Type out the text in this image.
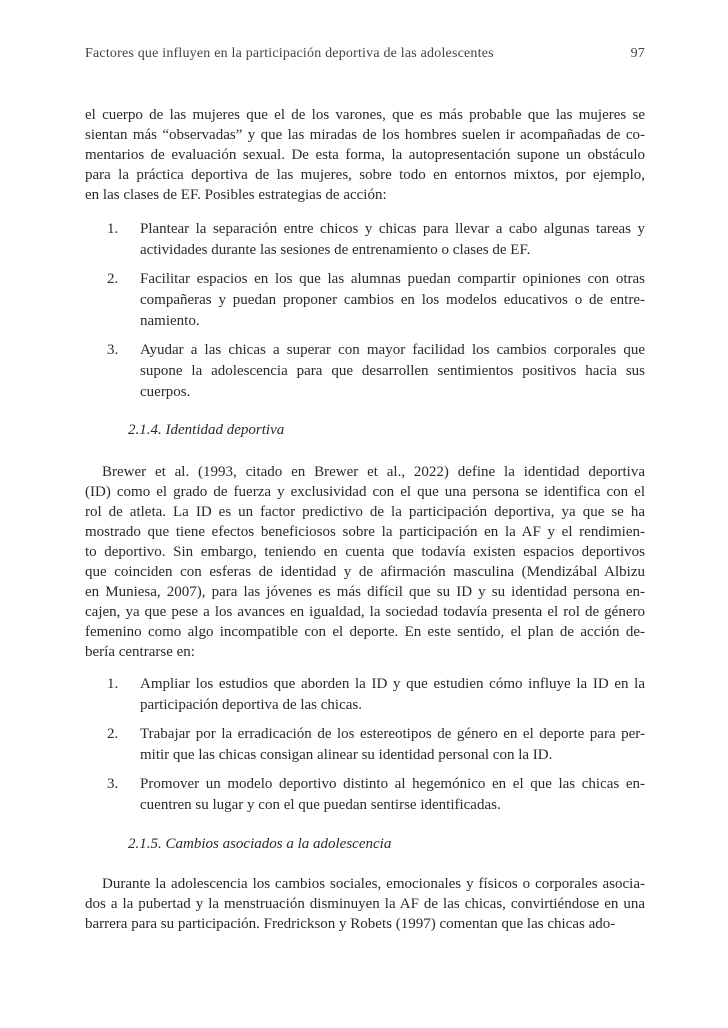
Factores que influyen en la participación deportiva de las adolescentes	97
el cuerpo de las mujeres que el de los varones, que es más probable que las mujeres se
sientan más “observadas” y que las miradas de los hombres suelen ir acompañadas de co-
mentarios de evaluación sexual. De esta forma, la autopresentación supone un obstáculo
para la práctica deportiva de las mujeres, sobre todo en entornos mixtos, por ejemplo,
en las clases de EF. Posibles estrategias de acción:
1.	Plantear la separación entre chicos y chicas para llevar a cabo algunas tareas y
actividades durante las sesiones de entrenamiento o clases de EF.
2.	Facilitar espacios en los que las alumnas puedan compartir opiniones con otras
compañeras y puedan proponer cambios en los modelos educativos o de entre-
namiento.
3.	Ayudar a las chicas a superar con mayor facilidad los cambios corporales que
supone la adolescencia para que desarrollen sentimientos positivos hacia sus
cuerpos.
2.1.4. Identidad deportiva
Brewer et al. (1993, citado en Brewer et al., 2022) define la identidad deportiva
(ID) como el grado de fuerza y exclusividad con el que una persona se identifica con el
rol de atleta. La ID es un factor predictivo de la participación deportiva, ya que se ha
mostrado que tiene efectos beneficiosos sobre la participación en la AF y el rendimien-
to deportivo. Sin embargo, teniendo en cuenta que todavía existen espacios deportivos
que coinciden con esferas de identidad y de afirmación masculina (Mendizábal Albizu
en Muniesa, 2007), para las jóvenes es más difícil que su ID y su identidad persona en-
cajen, ya que pese a los avances en igualdad, la sociedad todavía presenta el rol de género
femenino como algo incompatible con el deporte. En este sentido, el plan de acción de-
bería centrarse en:
1.	Ampliar los estudios que aborden la ID y que estudien cómo influye la ID en la
participación deportiva de las chicas.
2.	Trabajar por la erradicación de los estereotipos de género en el deporte para per-
mitir que las chicas consigan alinear su identidad personal con la ID.
3.	Promover un modelo deportivo distinto al hegemónico en el que las chicas en-
cuentren su lugar y con el que puedan sentirse identificadas.
2.1.5. Cambios asociados a la adolescencia
Durante la adolescencia los cambios sociales, emocionales y físicos o corporales asocia-
dos a la pubertad y la menstruación disminuyen la AF de las chicas, convirtiéndose en una
barrera para su participación. Fredrickson y Robets (1997) comentan que las chicas ado-
